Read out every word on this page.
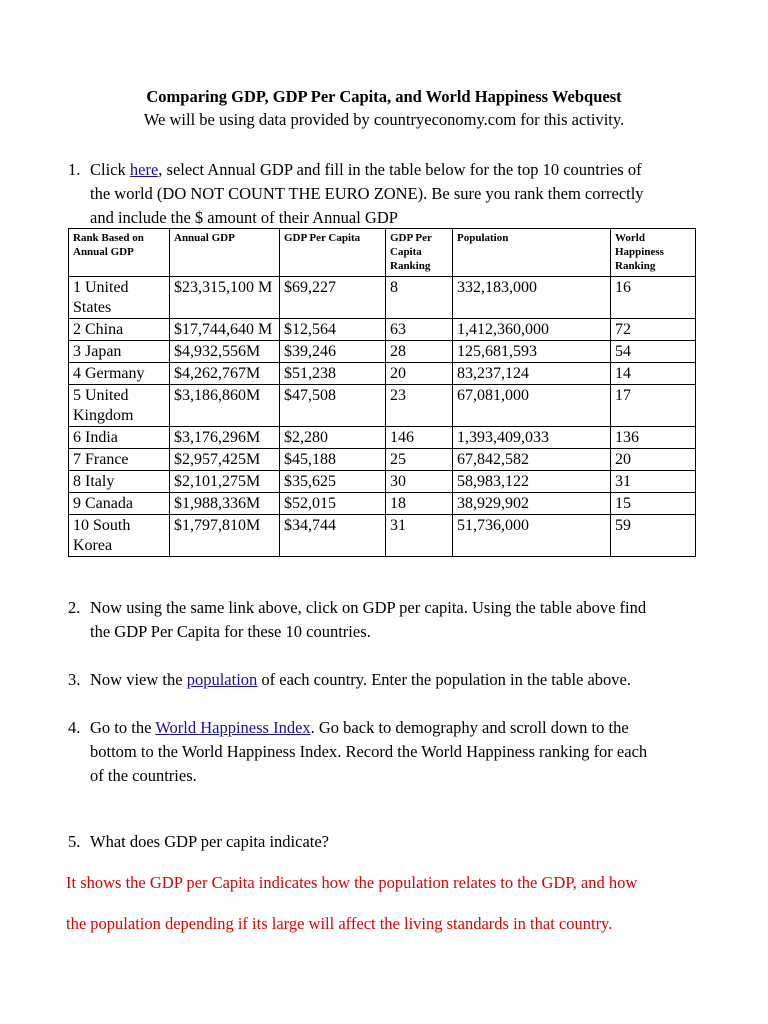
Comparing GDP, GDP Per Capita, and World Happiness Webquest
We will be using data provided by countryeconomy.com for this activity.
1. Click here, select Annual GDP and fill in the table below for the top 10 countries of
the world (DO NOT COUNT THE EURO ZONE). Be sure you rank them correctly
and include the $ amount of their Annual GDP
Rank Based on Annual GDP	Annual GDP	GDP Per Capita	GDP Per Capita Ranking	Population	World Happiness Ranking
1 United States	$23,315,100 M	$69,227	8	332,183,000	16
2 China	$17,744,640 M	$12,564	63	1,412,360,000	72
3 Japan	$4,932,556M	$39,246	28	125,681,593	54
4 Germany	$4,262,767M	$51,238	20	83,237,124	14
5 United Kingdom	$3,186,860M	$47,508	23	67,081,000	17
6 India	$3,176,296M	$2,280	146	1,393,409,033	136
7 France	$2,957,425M	$45,188	25	67,842,582	20
8 Italy	$2,101,275M	$35,625	30	58,983,122	31
9 Canada	$1,988,336M	$52,015	18	38,929,902	15
10 South Korea	$1,797,810M	$34,744	31	51,736,000	59
2. Now using the same link above, click on GDP per capita. Using the table above find
the GDP Per Capita for these 10 countries.
3. Now view the population of each country. Enter the population in the table above.
4. Go to the World Happiness Index. Go back to demography and scroll down to the
bottom to the World Happiness Index. Record the World Happiness ranking for each
of the countries.
5. What does GDP per capita indicate?
It shows the GDP per Capita indicates how the population relates to the GDP, and how
the population depending if its large will affect the living standards in that country.
